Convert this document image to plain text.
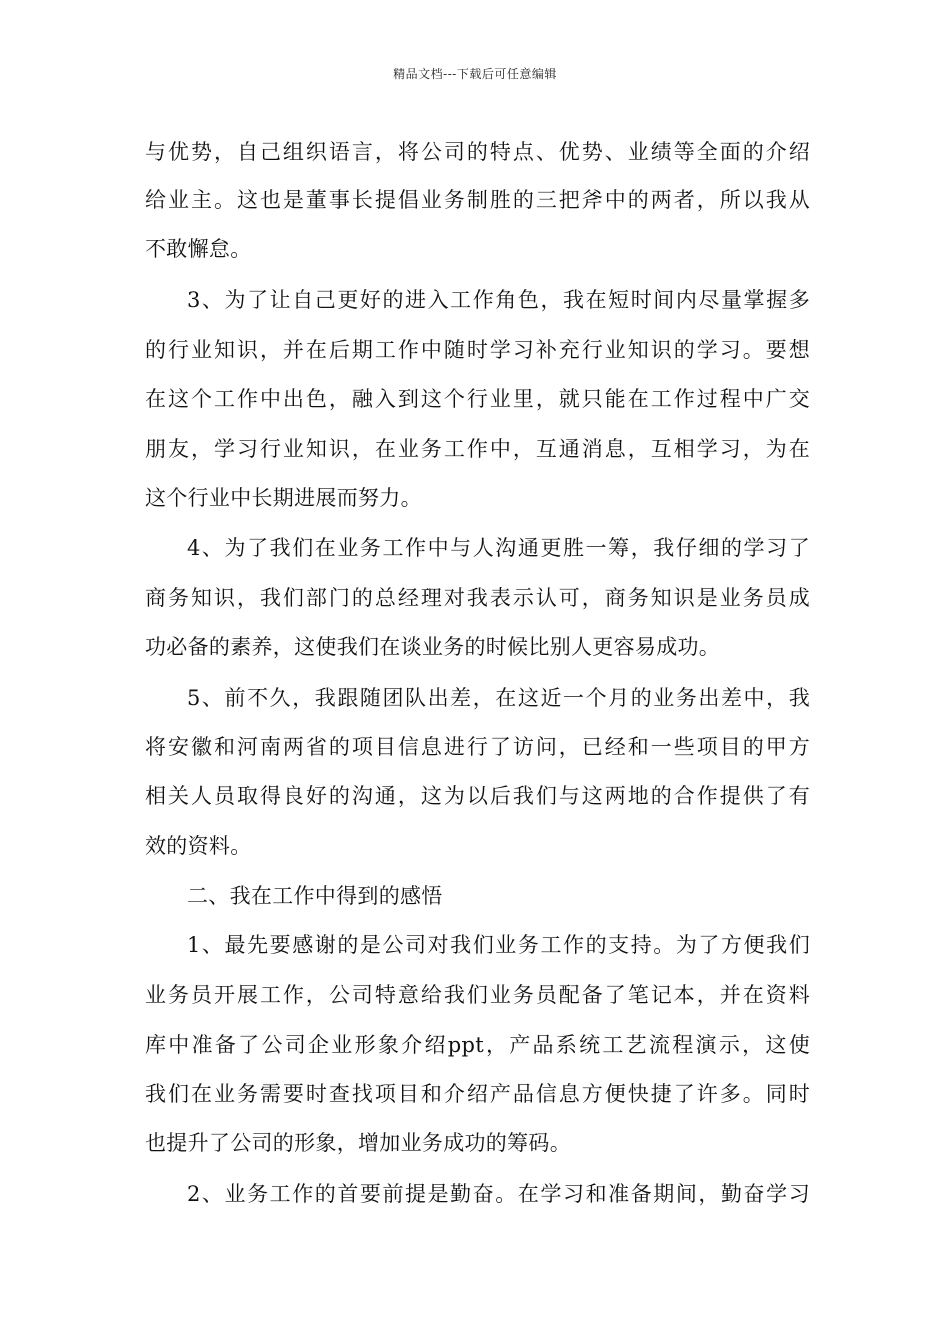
精品文档---下载后可任意编辑
与优势，自己组织语言，将公司的特点、优势、业绩等全面的介绍
给业主。这也是董事长提倡业务制胜的三把斧中的两者，所以我从
不敢懈怠。
3、为了让自己更好的进入工作角色，我在短时间内尽量掌握多
的行业知识，并在后期工作中随时学习补充行业知识的学习。要想
在这个工作中出色，融入到这个行业里，就只能在工作过程中广交
朋友，学习行业知识，在业务工作中，互通消息，互相学习，为在
这个行业中长期进展而努力。
4、为了我们在业务工作中与人沟通更胜一筹，我仔细的学习了
商务知识，我们部门的总经理对我表示认可，商务知识是业务员成
功必备的素养，这使我们在谈业务的时候比别人更容易成功。
5、前不久，我跟随团队出差，在这近一个月的业务出差中，我
将安徽和河南两省的项目信息进行了访问，已经和一些项目的甲方
相关人员取得良好的沟通，这为以后我们与这两地的合作提供了有
效的资料。
二、我在工作中得到的感悟
1、最先要感谢的是公司对我们业务工作的支持。为了方便我们
业务员开展工作，公司特意给我们业务员配备了笔记本，并在资料
库中准备了公司企业形象介绍ppt，产品系统工艺流程演示，这使
我们在业务需要时查找项目和介绍产品信息方便快捷了许多。同时
也提升了公司的形象，增加业务成功的筹码。
2、业务工作的首要前提是勤奋。在学习和准备期间，勤奋学习
